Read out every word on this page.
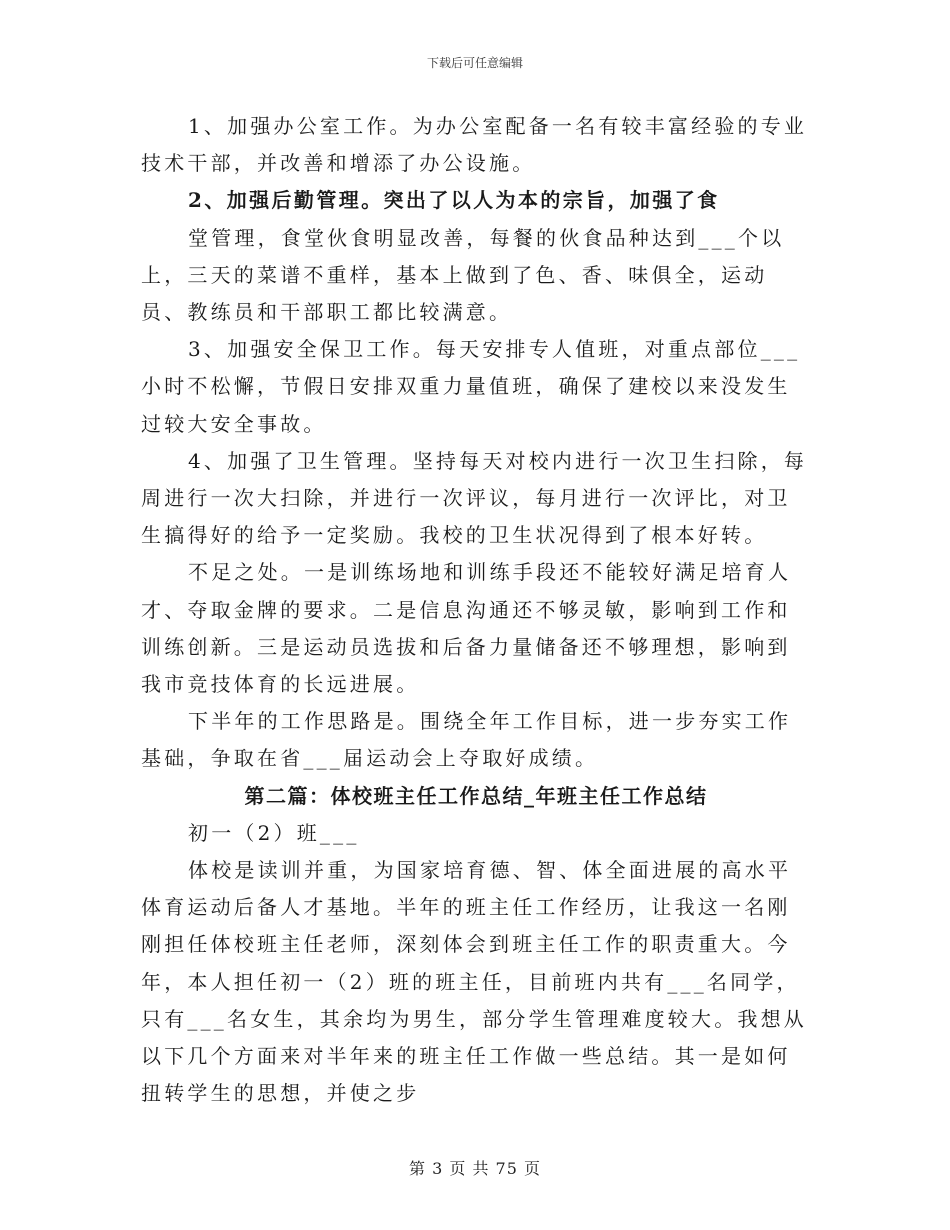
下载后可任意编辑

1、加强办公室工作。为办公室配备一名有较丰富经验的专业技术干部，并改善和增添了办公设施。

2、加强后勤管理。突出了以人为本的宗旨，加强了食

堂管理，食堂伙食明显改善，每餐的伙食品种达到___个以上，三天的菜谱不重样，基本上做到了色、香、味俱全，运动员、教练员和干部职工都比较满意。

3、加强安全保卫工作。每天安排专人值班，对重点部位___小时不松懈，节假日安排双重力量值班，确保了建校以来没发生过较大安全事故。

4、加强了卫生管理。坚持每天对校内进行一次卫生扫除，每周进行一次大扫除，并进行一次评议，每月进行一次评比，对卫生搞得好的给予一定奖励。我校的卫生状况得到了根本好转。

不足之处。一是训练场地和训练手段还不能较好满足培育人才、夺取金牌的要求。二是信息沟通还不够灵敏，影响到工作和训练创新。三是运动员选拔和后备力量储备还不够理想，影响到我市竞技体育的长远进展。

下半年的工作思路是。围绕全年工作目标，进一步夯实工作基础，争取在省___届运动会上夺取好成绩。

第二篇：体校班主任工作总结_年班主任工作总结

初一（2）班___

体校是读训并重，为国家培育德、智、体全面进展的高水平体育运动后备人才基地。半年的班主任工作经历，让我这一名刚刚担任体校班主任老师，深刻体会到班主任工作的职责重大。今年，本人担任初一（2）班的班主任，目前班内共有___名同学，只有___名女生，其余均为男生，部分学生管理难度较大。我想从以下几个方面来对半年来的班主任工作做一些总结。其一是如何扭转学生的思想，并使之步

第 3 页 共 75 页
